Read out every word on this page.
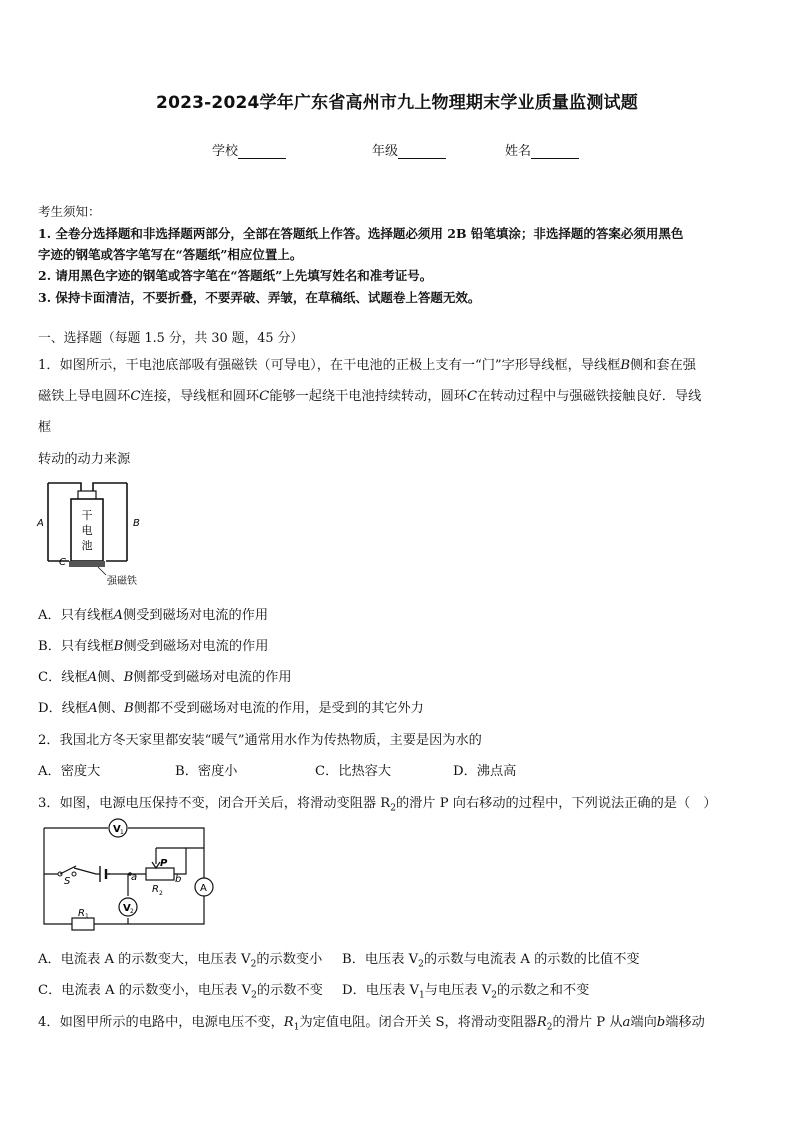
2023-2024学年广东省高州市九上物理期末学业质量监测试题
学校	年级	姓名
考生须知：
1. 全卷分选择题和非选择题两部分，全部在答题纸上作答。选择题必须用 2B 铅笔填涂；非选择题的答案必须用黑色
字迹的钢笔或答字笔写在“答题纸”相应位置上。
2. 请用黑色字迹的钢笔或答字笔在“答题纸”上先填写姓名和准考证号。
3. 保持卡面清洁，不要折叠，不要弄破、弄皱，在草稿纸、试题卷上答题无效。
一、选择题（每题 1.5 分，共 30 题，45 分）
1．如图所示，干电池底部吸有强磁铁（可导电），在干电池的正极上支有一“门”字形导线框，导线框B侧和套在强
磁铁上导电圆环C连接，导线框和圆环C能够一起绕干电池持续转动，圆环C在转动过程中与强磁铁接触良好．导线
框
转动的动力来源
干
电
池
A	B
C
强磁铁
A．只有线框A侧受到磁场对电流的作用
B．只有线框B侧受到磁场对电流的作用
C．线框A侧、B侧都受到磁场对电流的作用
D．线框A侧、B侧都不受到磁场对电流的作用，是受到的其它外力
2．我国北方冬天家里都安装“暖气”通常用水作为传热物质，主要是因为水的
A．密度大	B．密度小	C．比热容大	D．沸点高
3．如图，电源电压保持不变，闭合开关后，将滑动变阻器 $R_2$的滑片 P 向右移动的过程中，下列说法正确的是（　）
V 1
V 2
A
P
S	a	b
R 2
R 1
A．电流表 A 的示数变大，电压表 $V_2$的示数变小 B．电压表 $V_2$的示数与电流表 A 的示数的比值不变
C．电流表 A 的示数变小，电压表 $V_2$的示数不变 D．电压表 $V_1$与电压表 $V_2$的示数之和不变
4．如图甲所示的电路中，电源电压不变，$R_1$为定值电阻。闭合开关 S，将滑动变阻器$R_2$的滑片 P 从a端向b端移动
